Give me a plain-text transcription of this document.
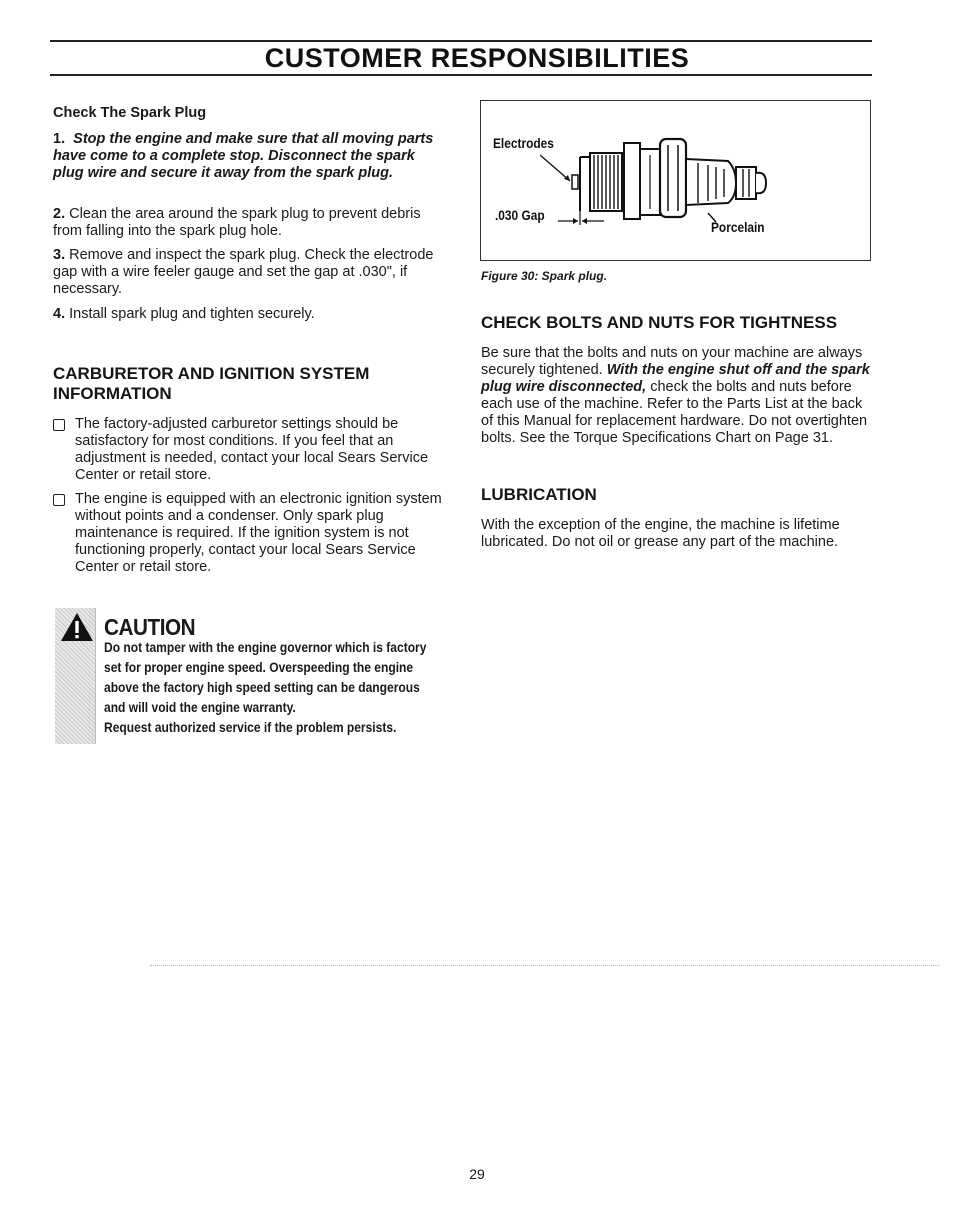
CUSTOMER RESPONSIBILITIES
Check The Spark Plug

1. Stop the engine and make sure that all moving parts have come to a complete stop. Disconnect the spark plug wire and secure it away from the spark plug.

2. Clean the area around the spark plug to prevent debris from falling into the spark plug hole.

3. Remove and inspect the spark plug. Check the electrode gap with a wire feeler gauge and set the gap at .030", if necessary.

4. Install spark plug and tighten securely.

CARBURETOR AND IGNITION SYSTEM INFORMATION

The factory-adjusted carburetor settings should be satisfactory for most conditions. If you feel that an adjustment is needed, contact your local Sears Service Center or retail store.

The engine is equipped with an electronic ignition system without points and a condenser. Only spark plug maintenance is required. If the ignition system is not functioning properly, contact your local Sears Service Center or retail store.

CAUTION
Do not tamper with the engine governor which is factory set for proper engine speed. Overspeeding the engine above the factory high speed setting can be dangerous and will void the engine warranty.
Request authorized service if the problem persists.
Electrodes
.030 Gap
Porcelain
Figure 30: Spark plug.
CHECK BOLTS AND NUTS FOR TIGHTNESS

Be sure that the bolts and nuts on your machine are always securely tightened. With the engine shut off and the spark plug wire disconnected, check the bolts and nuts before each use of the machine. Refer to the Parts List at the back of this Manual for replacement hardware. Do not overtighten bolts. See the Torque Specifications Chart on Page 31.

LUBRICATION

With the exception of the engine, the machine is lifetime lubricated. Do not oil or grease any part of the machine.

29
